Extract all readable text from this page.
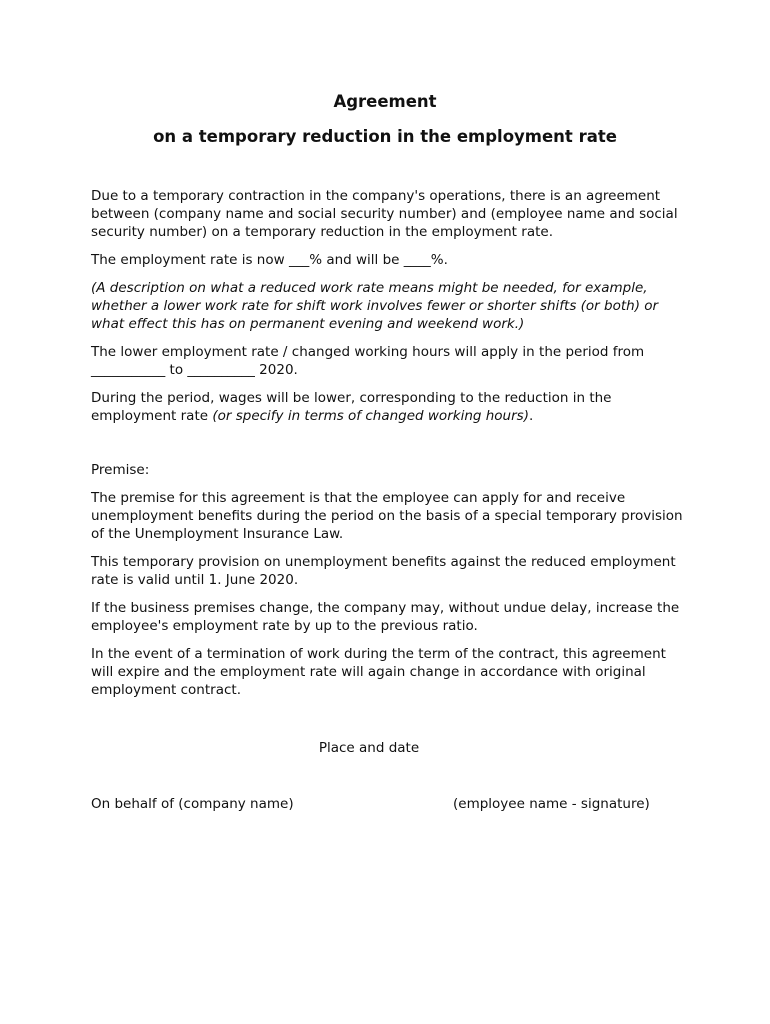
Agreement
on a temporary reduction in the employment rate

Due to a temporary contraction in the company's operations, there is an agreement between (company name and social security number) and (employee name and social security number) on a temporary reduction in the employment rate.

The employment rate is now ___% and will be ____%.

(A description on what a reduced work rate means might be needed, for example, whether a lower work rate for shift work involves fewer or shorter shifts (or both) or what effect this has on permanent evening and weekend work.)

The lower employment rate / changed working hours will apply in the period from ___________ to __________ 2020.

During the period, wages will be lower, corresponding to the reduction in the employment rate (or specify in terms of changed working hours).

Premise:

The premise for this agreement is that the employee can apply for and receive unemployment benefits during the period on the basis of a special temporary provision of the Unemployment Insurance Law.

This temporary provision on unemployment benefits against the reduced employment rate is valid until 1. June 2020.

If the business premises change, the company may, without undue delay, increase the employee's employment rate by up to the previous ratio.

In the event of a termination of work during the term of the contract, this agreement will expire and the employment rate will again change in accordance with original employment contract.

Place and date
On behalf of (company name)	(employee name - signature)
